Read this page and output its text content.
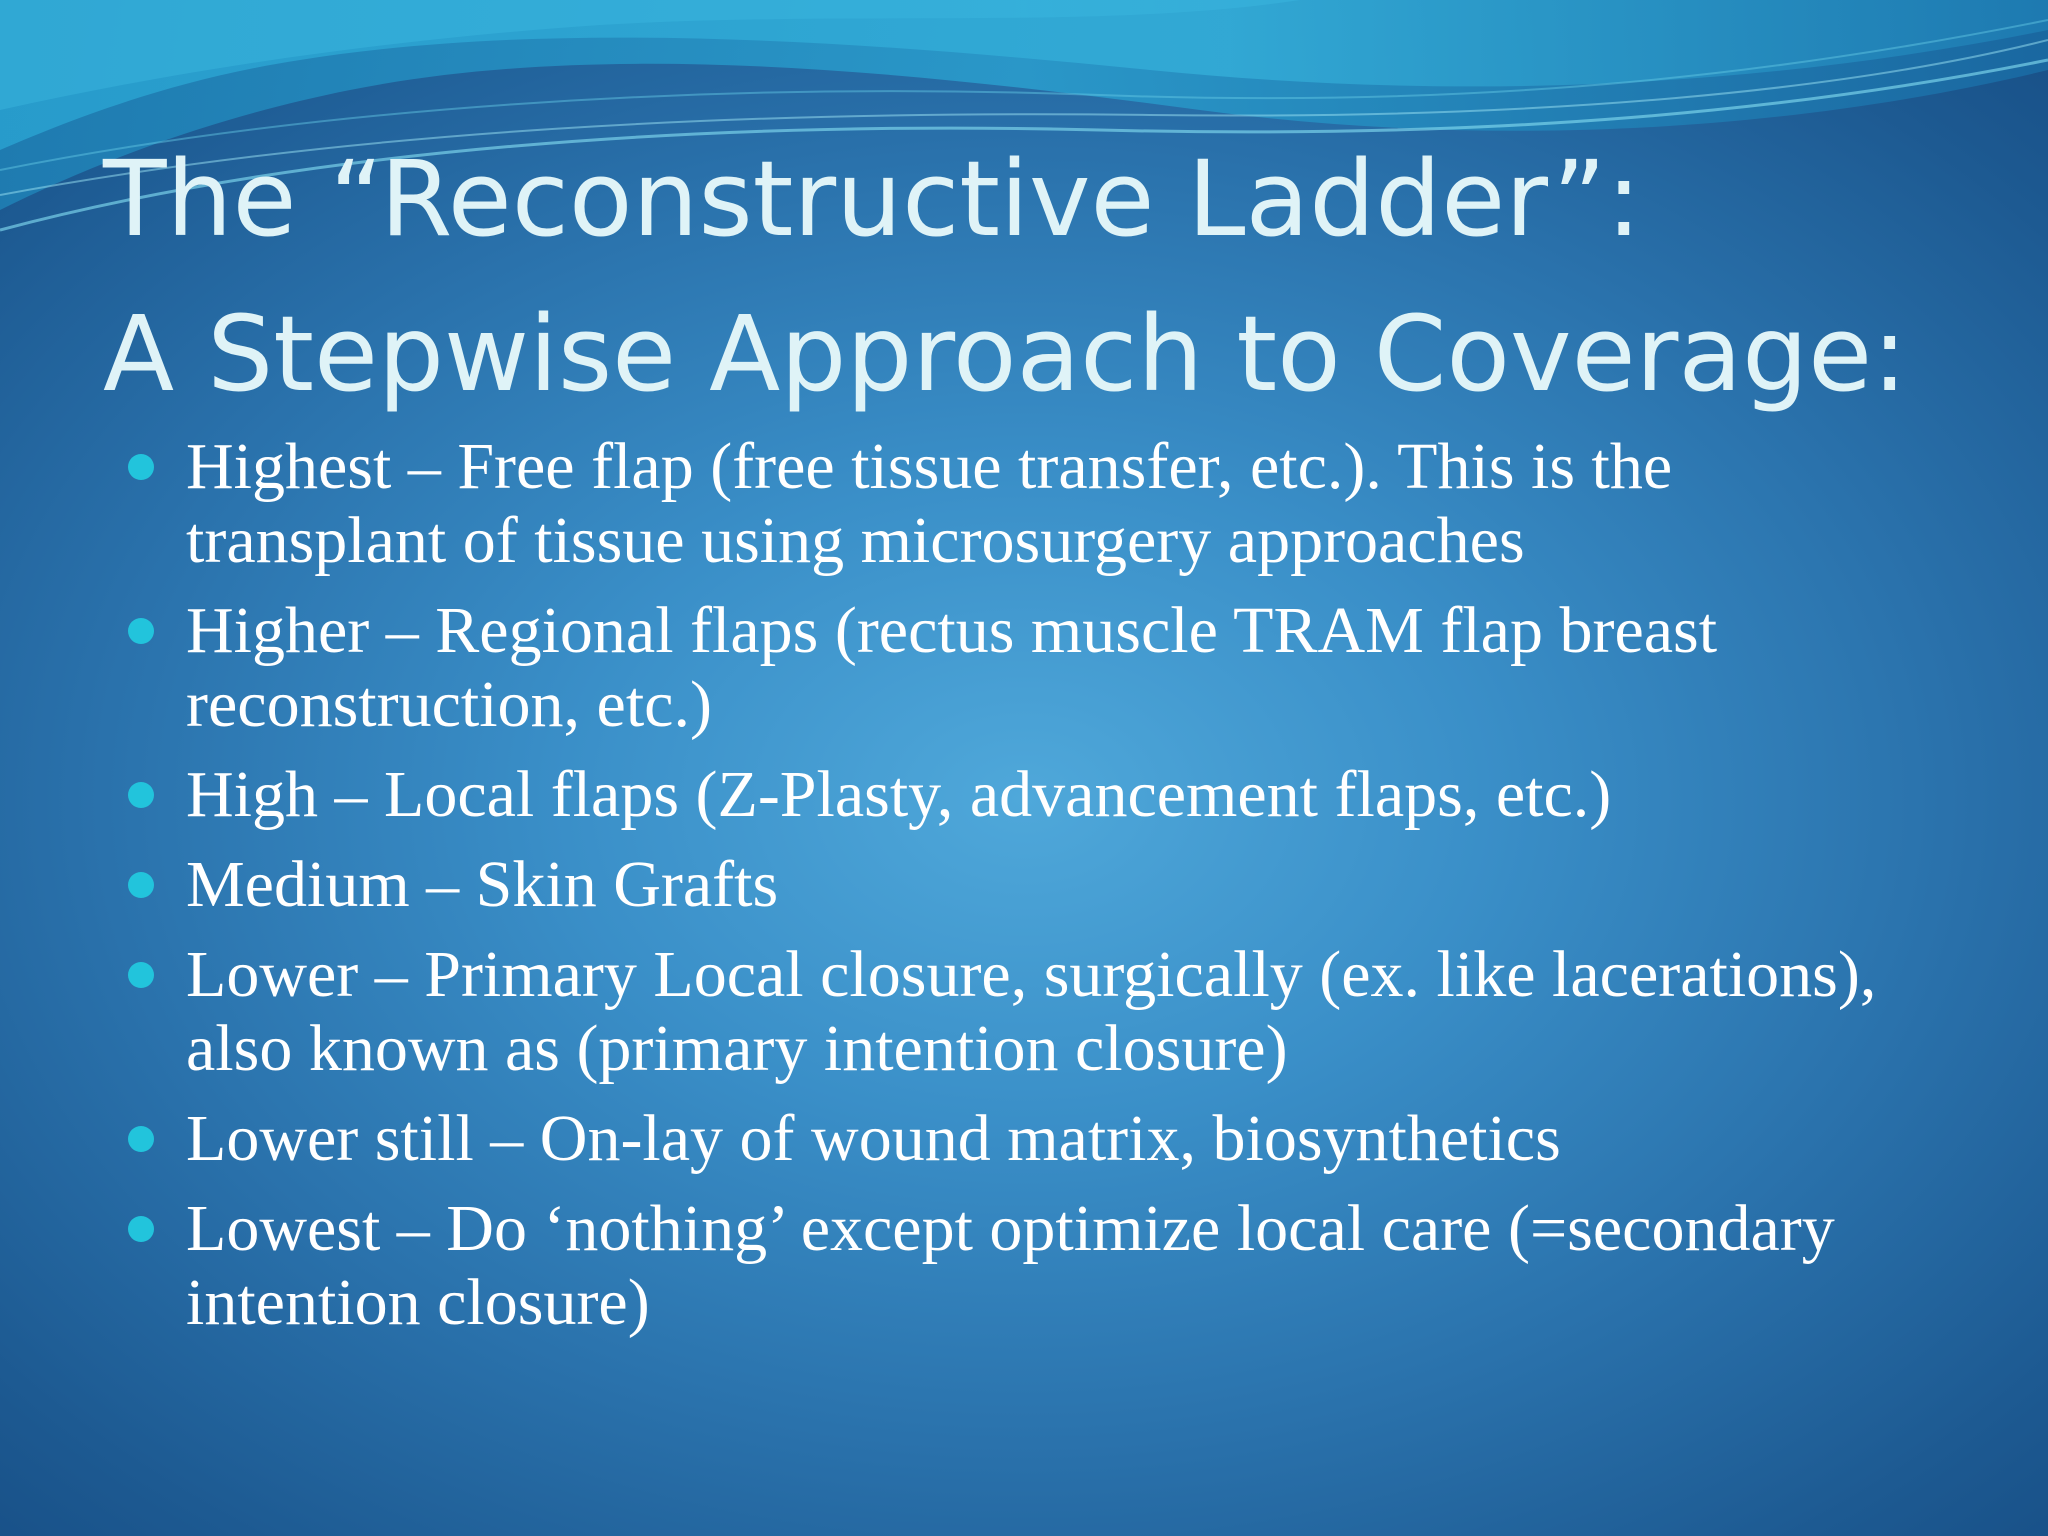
The “Reconstructive Ladder”:
A Stepwise Approach to Coverage:
Highest – Free flap (free tissue transfer, etc.). This is the transplant of tissue using microsurgery approaches
Higher – Regional flaps (rectus muscle TRAM flap breast reconstruction, etc.)
High – Local flaps (Z-Plasty, advancement flaps, etc.)
Medium – Skin Grafts
Lower – Primary Local closure, surgically (ex. like lacerations), also known as (primary intention closure)
Lower still – On-lay of wound matrix, biosynthetics
Lowest – Do ‘nothing’ except optimize local care (=secondary intention closure)
